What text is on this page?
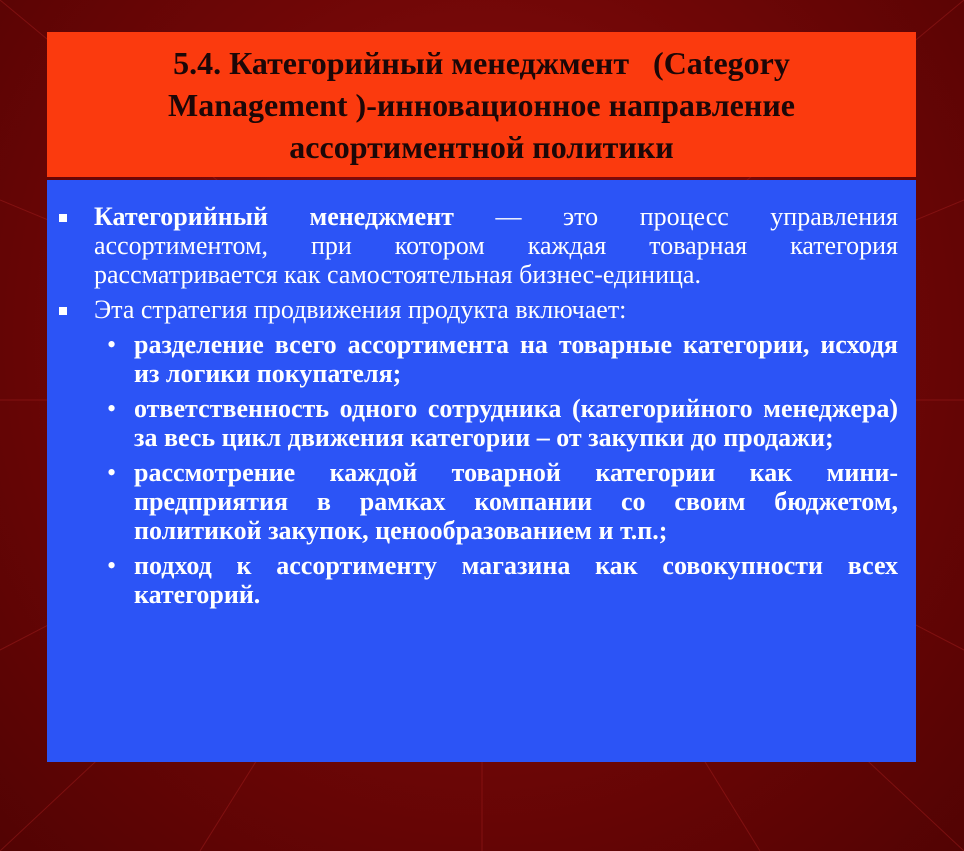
5.4. Категорийный менеджмент   (Category
Management )-инновационное направление
ассортиментной политики
Категорийный менеджмент — это процесс управления ассортиментом, при котором каждая товарная категория рассматривается как самостоятельная бизнес-единица.
Эта стратегия продвижения продукта включает:
• разделение всего ассортимента на товарные категории, исходя из логики покупателя;
• ответственность одного сотрудника (категорийного менеджера) за весь цикл движения категории – от закупки до продажи;
• рассмотрение каждой товарной категории как мини-предприятия в рамках компании со своим бюджетом, политикой закупок, ценообразованием и т.п.;
• подход к ассортименту магазина как совокупности всех категорий.
